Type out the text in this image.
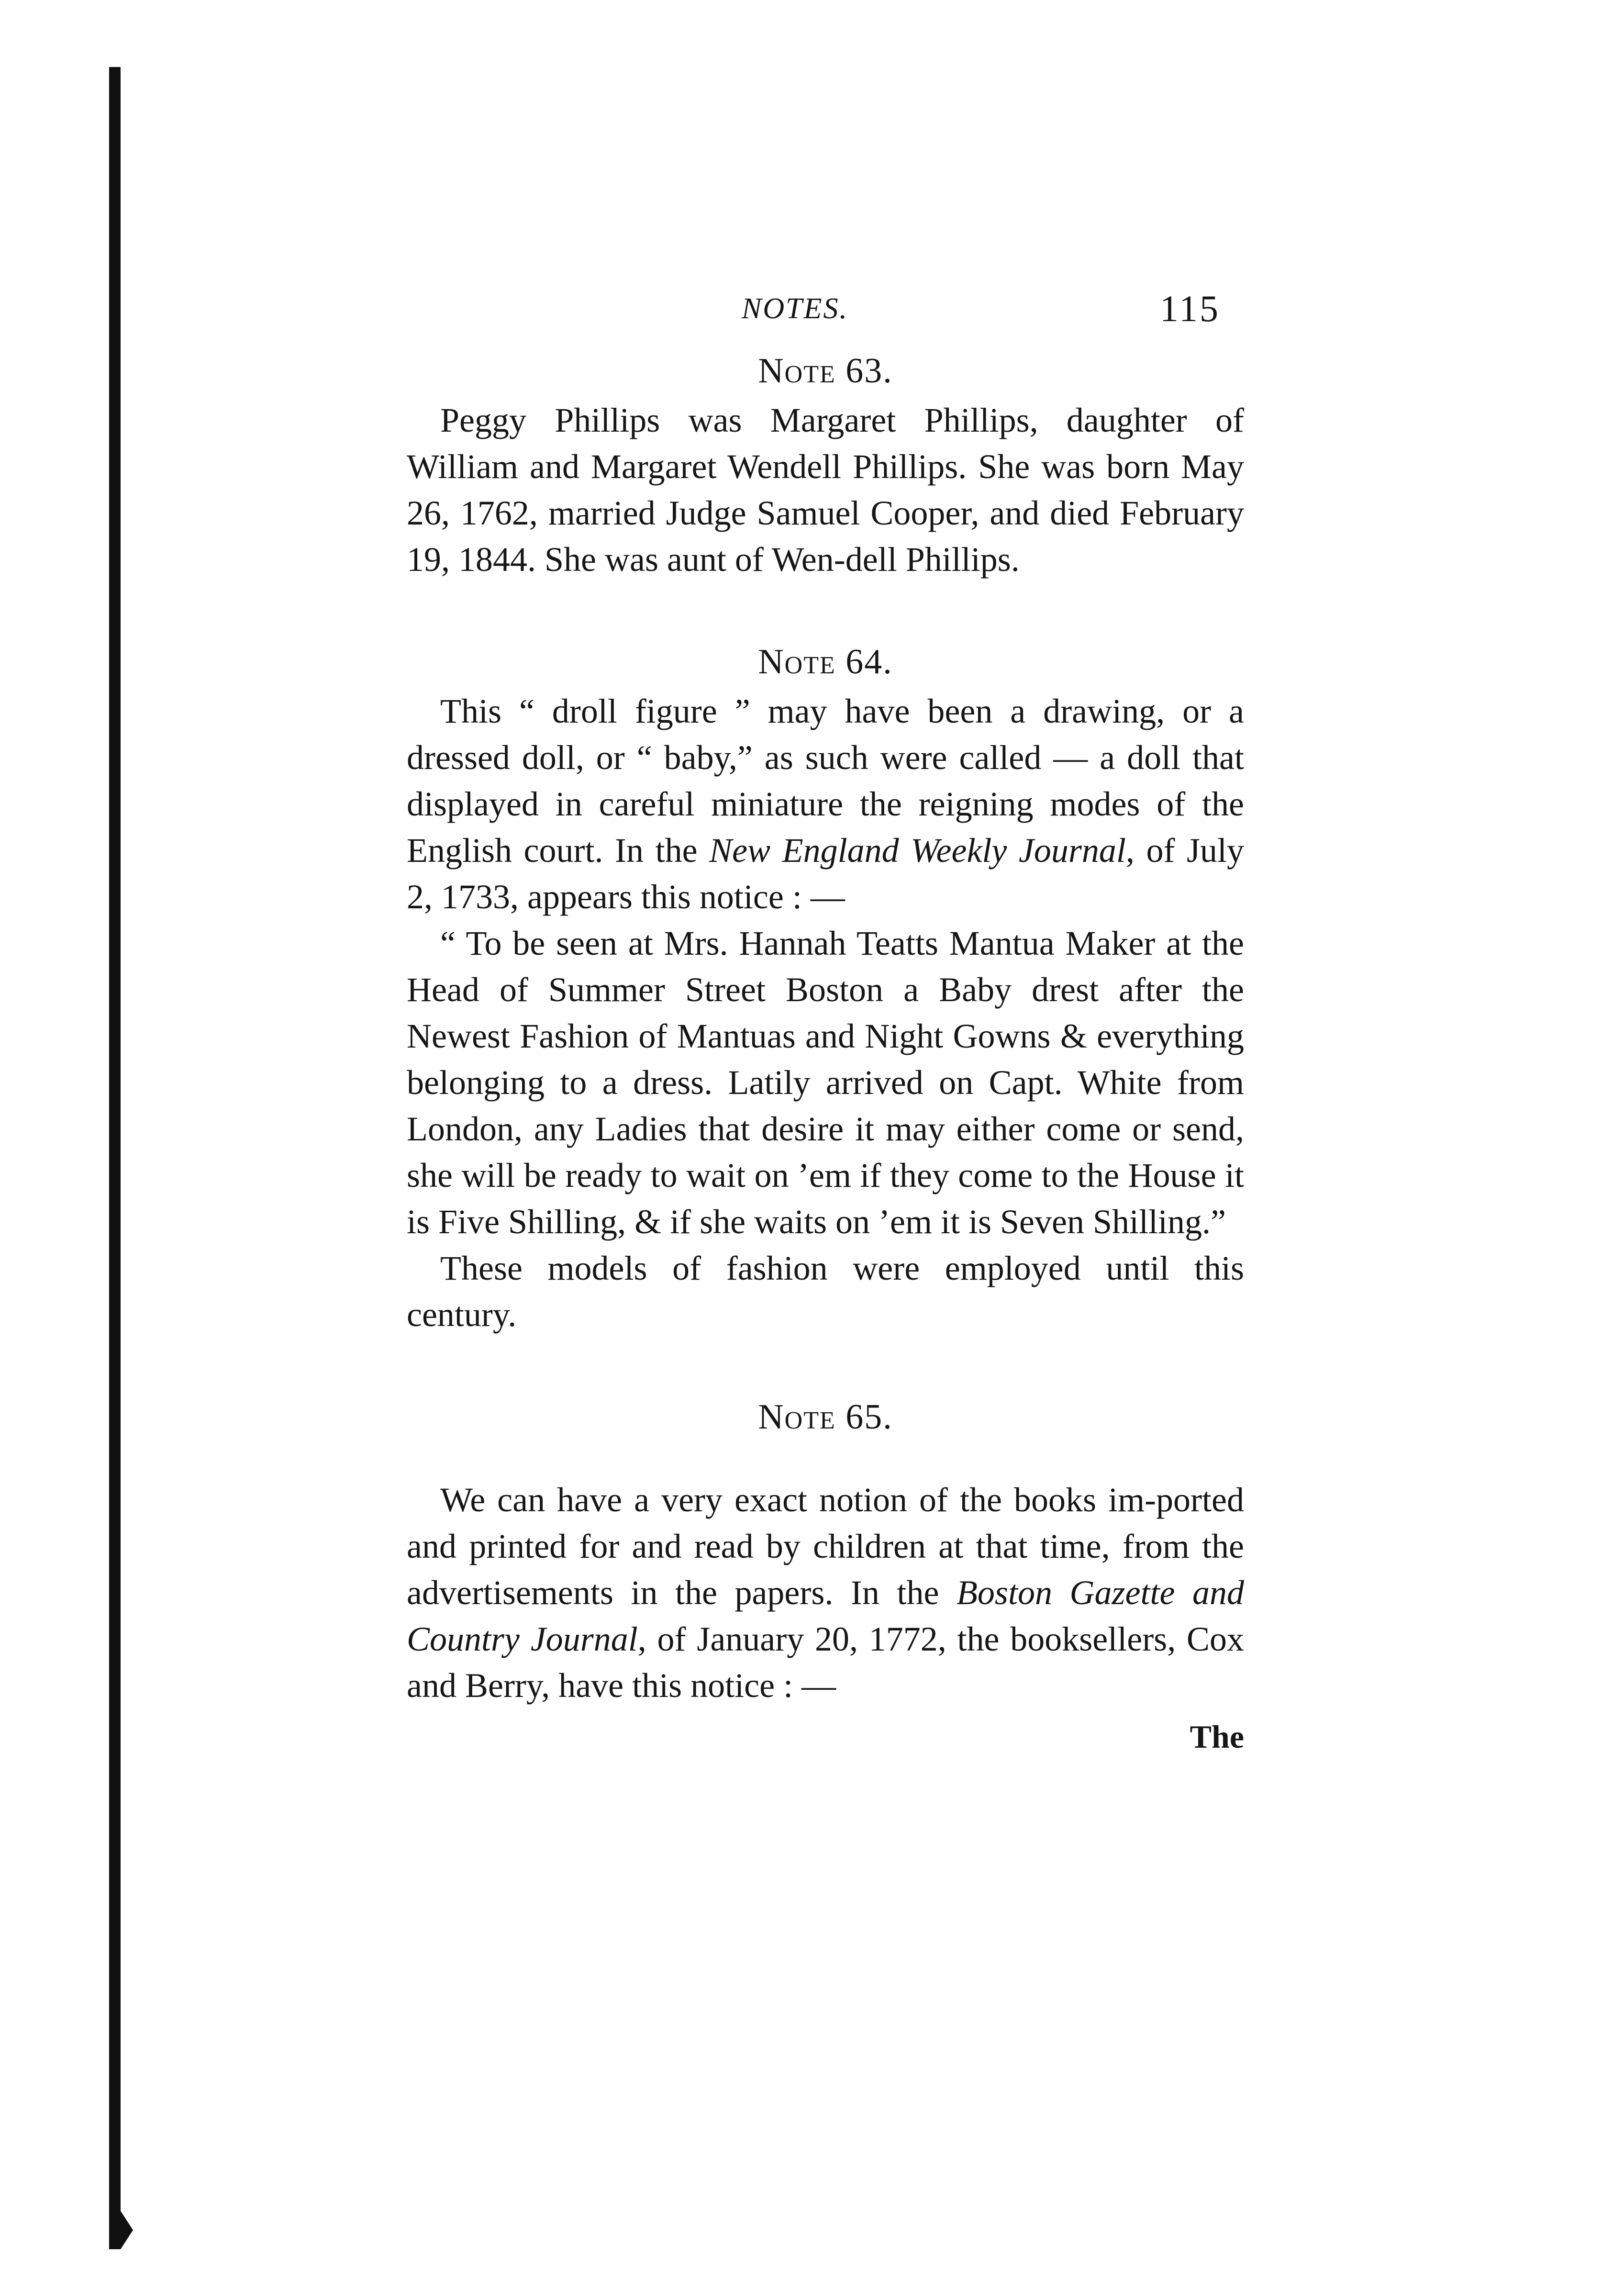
NOTES.	115
Note 63.

Peggy Phillips was Margaret Phillips, daughter of William and Margaret Wendell Phillips. She was born May 26, 1762, married Judge Samuel Cooper, and died February 19, 1844. She was aunt of Wen-dell Phillips.

Note 64.

This “ droll figure ” may have been a drawing, or a dressed doll, or “ baby,” as such were called — a doll that displayed in careful miniature the reigning modes of the English court. In the New England Weekly Journal, of July 2, 1733, appears this notice : —

“ To be seen at Mrs. Hannah Teatts Mantua Maker at the Head of Summer Street Boston a Baby drest after the Newest Fashion of Mantuas and Night Gowns & everything belonging to a dress. Latily arrived on Capt. White from London, any Ladies that desire it may either come or send, she will be ready to wait on ’em if they come to the House it is Five Shilling, & if she waits on ’em it is Seven Shilling.”

These models of fashion were employed until this century.

Note 65.

We can have a very exact notion of the books im-ported and printed for and read by children at that time, from the advertisements in the papers. In the Boston Gazette and Country Journal, of January 20, 1772, the booksellers, Cox and Berry, have this notice : —

The
